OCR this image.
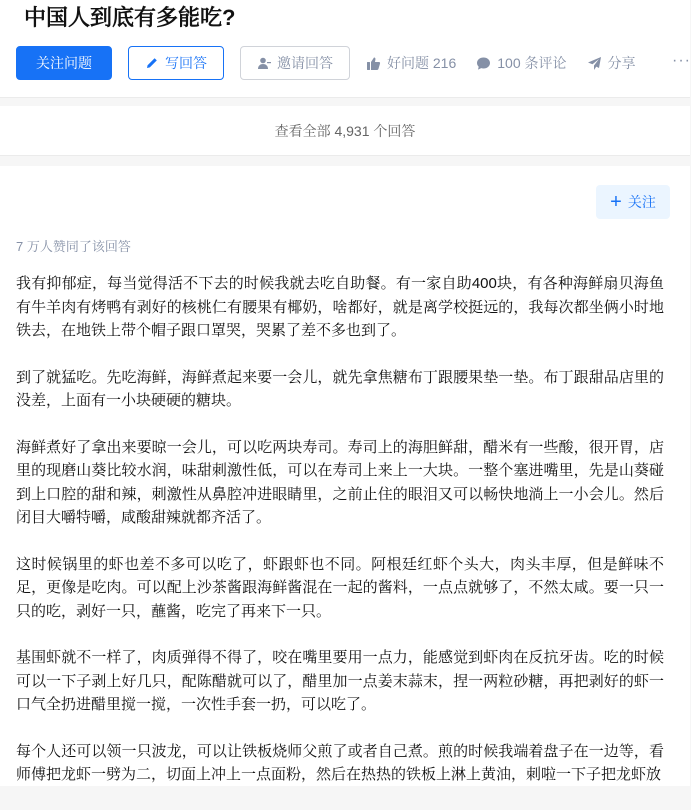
中国人到底有多能吃?
关注问题	写回答	邀请回答	好问题 216	100 条评论	分享 ···
查看全部 4,931 个回答
+ 关注
7 万人赞同了该回答

我有抑郁症，每当觉得活不下去的时候我就去吃自助餐。有一家自助400块，有各种海鲜扇贝海鱼有牛羊肉有烤鸭有剥好的核桃仁有腰果有椰奶，啥都好，就是离学校挺远的，我每次都坐俩小时地铁去，在地铁上带个帽子跟口罩哭，哭累了差不多也到了。

到了就猛吃。先吃海鲜，海鲜煮起来要一会儿，就先拿焦糖布丁跟腰果垫一垫。布丁跟甜品店里的没差，上面有一小块硬硬的糖块。

海鲜煮好了拿出来要晾一会儿，可以吃两块寿司。寿司上的海胆鲜甜，醋米有一些酸，很开胃，店里的现磨山葵比较水润，味甜刺激性低，可以在寿司上来上一大块。一整个塞进嘴里，先是山葵碰到上口腔的甜和辣，刺激性从鼻腔冲进眼睛里，之前止住的眼泪又可以畅快地淌上一小会儿。然后闭目大嚼特嚼，咸酸甜辣就都齐活了。

这时候锅里的虾也差不多可以吃了，虾跟虾也不同。阿根廷红虾个头大，肉头丰厚，但是鲜味不足，更像是吃肉。可以配上沙茶酱跟海鲜酱混在一起的酱料，一点点就够了，不然太咸。要一只一只的吃，剥好一只，蘸酱，吃完了再来下一只。

基围虾就不一样了，肉质弹得不得了，咬在嘴里要用一点力，能感觉到虾肉在反抗牙齿。吃的时候可以一下子剥上好几只，配陈醋就可以了，醋里加一点姜末蒜末，捏一两粒砂糖，再把剥好的虾一口气全扔进醋里搅一搅，一次性手套一扔，可以吃了。

每个人还可以领一只波龙，可以让铁板烧师父煎了或者自己煮。煎的时候我端着盘子在一边等，看师傅把龙虾一劈为二，切面上冲上一点面粉，然后在热热的铁板上淋上黄油，刺啦一下子把龙虾放
